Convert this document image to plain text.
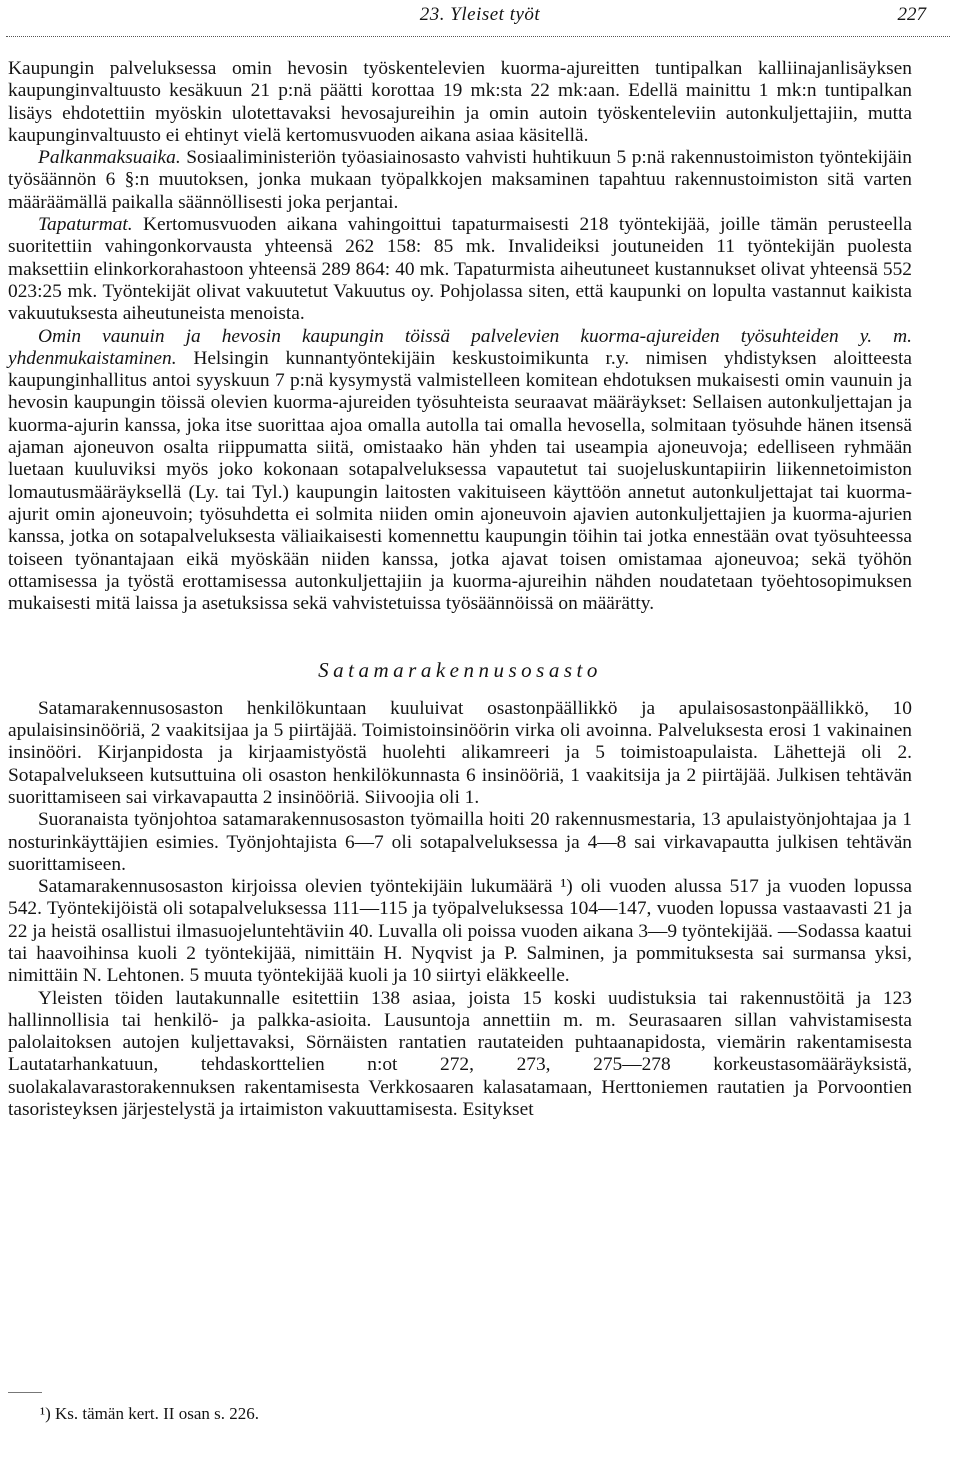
23. Yleiset työt	227

Kaupungin palveluksessa omin hevosin työskentelevien kuorma-ajureitten tuntipalkan kalliinajanlisäyksen kaupunginvaltuusto kesäkuun 21 p:nä päätti korottaa 19 mk:sta 22 mk:aan. Edellä mainittu 1 mk:n tuntipalkan lisäys ehdotettiin myöskin ulotettavaksi hevosajureihin ja omin autoin työskenteleviin autonkuljettajiin, mutta kaupunginvaltuusto ei ehtinyt vielä kertomusvuoden aikana asiaa käsitellä.

Palkanmaksuaika. Sosiaaliministeriön työasiainosasto vahvisti huhtikuun 5 p:nä rakennustoimiston työntekijäin työsäännön 6 §:n muutoksen, jonka mukaan työpalkkojen maksaminen tapahtuu rakennustoimiston sitä varten määräämällä paikalla säännöllisesti joka perjantai.

Tapaturmat. Kertomusvuoden aikana vahingoittui tapaturmaisesti 218 työntekijää, joille tämän perusteella suoritettiin vahingonkorvausta yhteensä 262 158: 85 mk. Invalideiksi joutuneiden 11 työntekijän puolesta maksettiin elinkorkorahastoon yhteensä 289 864: 40 mk. Tapaturmista aiheutuneet kustannukset olivat yhteensä 552 023:25 mk. Työntekijät olivat vakuutetut Vakuutus oy. Pohjolassa siten, että kaupunki on lopulta vastannut kaikista vakuutuksesta aiheutuneista menoista.

Omin vaunuin ja hevosin kaupungin töissä palvelevien kuorma-ajureiden työsuhteiden y. m. yhdenmukaistaminen. Helsingin kunnantyöntekijäin keskustoimikunta r.y. nimisen yhdistyksen aloitteesta kaupunginhallitus antoi syyskuun 7 p:nä kysymystä valmistelleen komitean ehdotuksen mukaisesti omin vaunuin ja hevosin kaupungin töissä olevien kuorma-ajureiden työsuhteista seuraavat määräykset: Sellaisen autonkuljettajan ja kuorma-ajurin kanssa, joka itse suorittaa ajoa omalla autolla tai omalla hevosella, solmitaan työsuhde hänen itsensä ajaman ajoneuvon osalta riippumatta siitä, omistaako hän yhden tai useampia ajoneuvoja; edelliseen ryhmään luetaan kuuluviksi myös joko kokonaan sotapalveluksessa vapautetut tai suojeluskuntapiirin liikennetoimiston lomautusmääräyksellä (Ly. tai Tyl.) kaupungin laitosten vakituiseen käyttöön annetut autonkuljettajat tai kuorma-ajurit omin ajoneuvoin; työsuhdetta ei solmita niiden omin ajoneuvoin ajavien autonkuljettajien ja kuorma-ajurien kanssa, jotka on sotapalveluksesta väliaikaisesti komennettu kaupungin töihin tai jotka ennestään ovat työsuhteessa toiseen työnantajaan eikä myöskään niiden kanssa, jotka ajavat toisen omistamaa ajoneuvoa; sekä työhön ottamisessa ja työstä erottamisessa autonkuljettajiin ja kuorma-ajureihin nähden noudatetaan työehtosopimuksen mukaisesti mitä laissa ja asetuksissa sekä vahvistetuissa työsäännöissä on määrätty.

Satamarakennusosasto

Satamarakennusosaston henkilökuntaan kuuluivat osastonpäällikkö ja apulaisosastonpäällikkö, 10 apulaisinsinööriä, 2 vaakitsijaa ja 5 piirtäjää. Toimistoinsinöörin virka oli avoinna. Palveluksesta erosi 1 vakinainen insinööri. Kirjanpidosta ja kirjaamistyöstä huolehti alikamreeri ja 5 toimistoapulaista. Lähettejä oli 2. Sotapalvelukseen kutsuttuina oli osaston henkilökunnasta 6 insinööriä, 1 vaakitsija ja 2 piirtäjää. Julkisen tehtävän suorittamiseen sai virkavapautta 2 insinööriä. Siivoojia oli 1.

Suoranaista työnjohtoa satamarakennusosaston työmailla hoiti 20 rakennusmestaria, 13 apulaistyönjohtajaa ja 1 nosturinkäyttäjien esimies. Työnjohtajista 6—7 oli sotapalveluksessa ja 4—8 sai virkavapautta julkisen tehtävän suorittamiseen.

Satamarakennusosaston kirjoissa olevien työntekijäin lukumäärä ¹) oli vuoden alussa 517 ja vuoden lopussa 542. Työntekijöistä oli sotapalveluksessa 111—115 ja työpalveluksessa 104—147, vuoden lopussa vastaavasti 21 ja 22 ja heistä osallistui ilmasuojeluntehtäviin 40. Luvalla oli poissa vuoden aikana 3—9 työntekijää. —Sodassa kaatui tai haavoihinsa kuoli 2 työntekijää, nimittäin H. Nyqvist ja P. Salminen, ja pommituksesta sai surmansa yksi, nimittäin N. Lehtonen. 5 muuta työntekijää kuoli ja 10 siirtyi eläkkeelle.

Yleisten töiden lautakunnalle esitettiin 138 asiaa, joista 15 koski uudistuksia tai rakennustöitä ja 123 hallinnollisia tai henkilö- ja palkka-asioita. Lausuntoja annettiin m. m. Seurasaaren sillan vahvistamisesta palolaitoksen autojen kuljettavaksi, Sörnäisten rantatien rautateiden puhtaanapidosta, viemärin rakentamisesta Lautatarhankatuun, tehdaskorttelien n:ot 272, 273, 275—278 korkeustasomääräyksistä, suolakalavarastorakennuksen rakentamisesta Verkkosaaren kalasatamaan, Herttoniemen rautatien ja Porvoontien tasoristeyksen järjestelystä ja irtaimiston vakuuttamisesta. Esitykset

¹) Ks. tämän kert. II osan s. 226.
